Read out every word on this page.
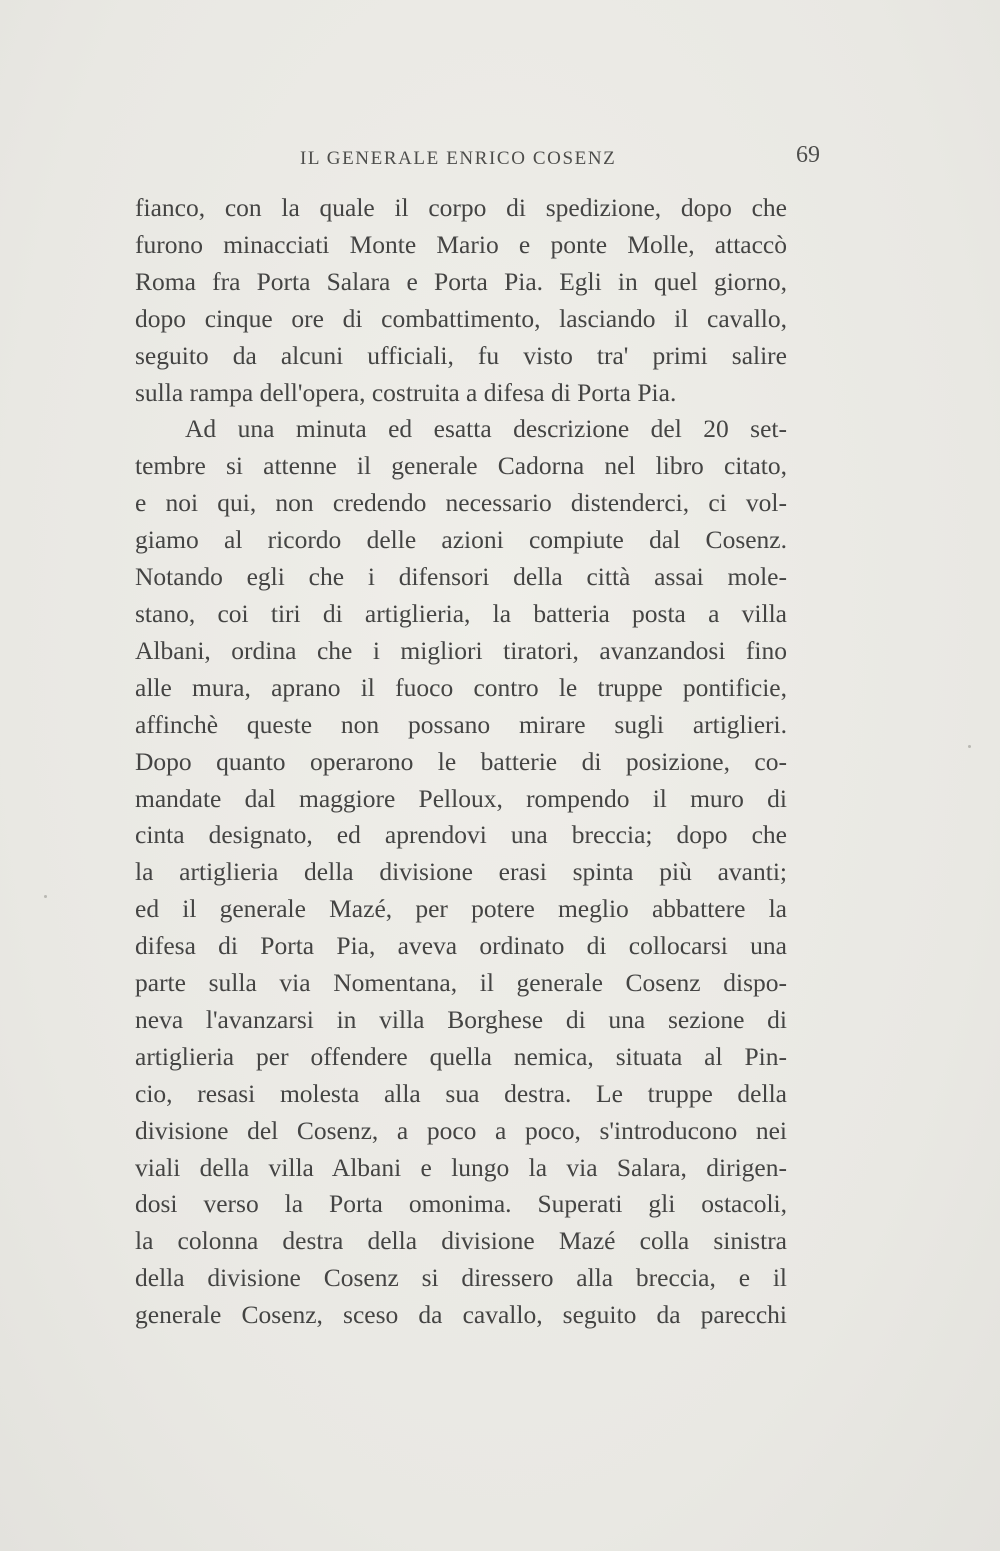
IL GENERALE ENRICO COSENZ	69
fianco, con la quale il corpo di spedizione, dopo che
furono minacciati Monte Mario e ponte Molle, attaccò
Roma fra Porta Salara e Porta Pia. Egli in quel giorno,
dopo cinque ore di combattimento, lasciando il cavallo,
seguito da alcuni ufficiali, fu visto tra' primi salire
sulla rampa dell'opera, costruita a difesa di Porta Pia.
Ad una minuta ed esatta descrizione del 20 set-
tembre si attenne il generale Cadorna nel libro citato,
e noi qui, non credendo necessario distenderci, ci vol-
giamo al ricordo delle azioni compiute dal Cosenz.
Notando egli che i difensori della città assai mole-
stano, coi tiri di artiglieria, la batteria posta a villa
Albani, ordina che i migliori tiratori, avanzandosi fino
alle mura, aprano il fuoco contro le truppe pontificie,
affinchè queste non possano mirare sugli artiglieri.
Dopo quanto operarono le batterie di posizione, co-
mandate dal maggiore Pelloux, rompendo il muro di
cinta designato, ed aprendovi una breccia; dopo che
la artiglieria della divisione erasi spinta più avanti;
ed il generale Mazé, per potere meglio abbattere la
difesa di Porta Pia, aveva ordinato di collocarsi una
parte sulla via Nomentana, il generale Cosenz dispo-
neva l'avanzarsi in villa Borghese di una sezione di
artiglieria per offendere quella nemica, situata al Pin-
cio, resasi molesta alla sua destra. Le truppe della
divisione del Cosenz, a poco a poco, s'introducono nei
viali della villa Albani e lungo la via Salara, dirigen-
dosi verso la Porta omonima. Superati gli ostacoli,
la colonna destra della divisione Mazé colla sinistra
della divisione Cosenz si diressero alla breccia, e il
generale Cosenz, sceso da cavallo, seguito da parecchi
